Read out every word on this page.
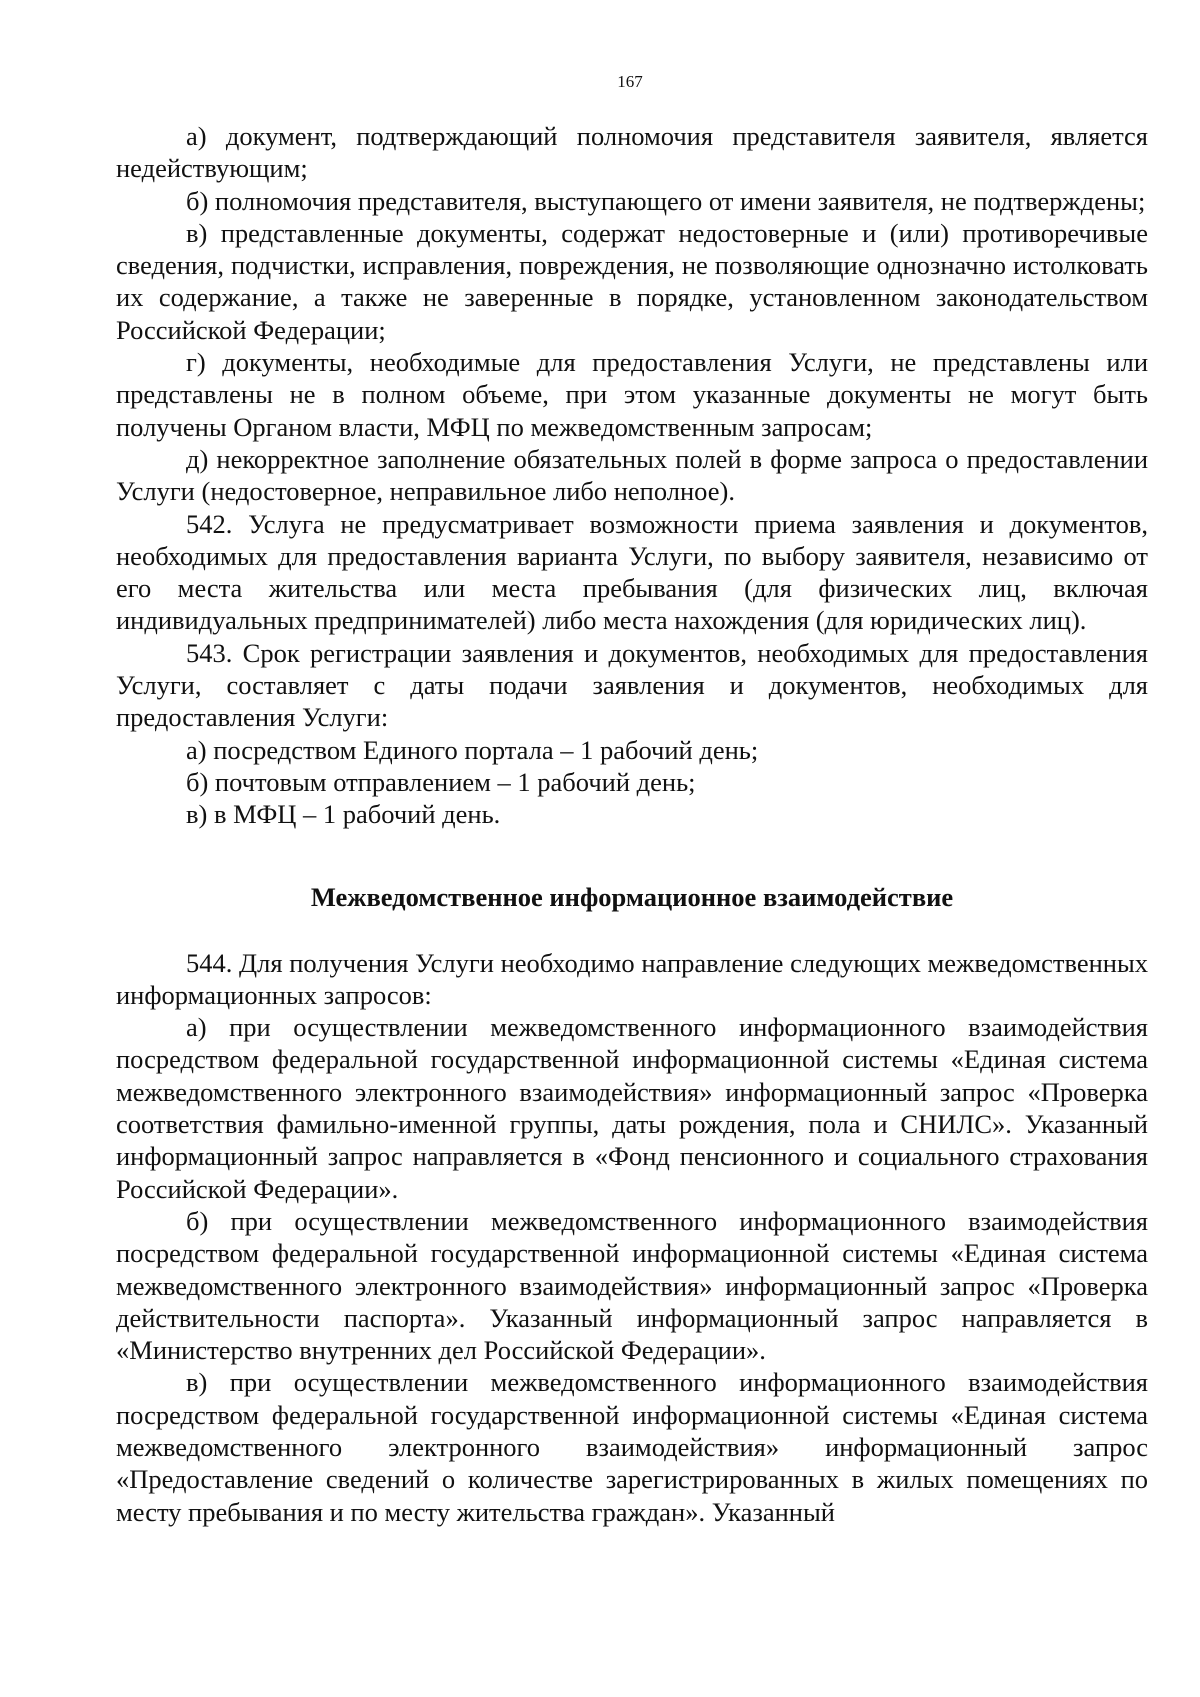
167

а) документ, подтверждающий полномочия представителя заявителя, является недействующим;

б) полномочия представителя, выступающего от имени заявителя, не подтверждены;

в) представленные документы, содержат недостоверные и (или) противоречивые сведения, подчистки, исправления, повреждения, не позволяющие однозначно истолковать их содержание, а также не заверенные в порядке, установленном законодательством Российской Федерации;

г) документы, необходимые для предоставления Услуги, не представлены или представлены не в полном объеме, при этом указанные документы не могут быть получены Органом власти, МФЦ по межведомственным запросам;

д) некорректное заполнение обязательных полей в форме запроса о предоставлении Услуги (недостоверное, неправильное либо неполное).

542. Услуга не предусматривает возможности приема заявления и документов, необходимых для предоставления варианта Услуги, по выбору заявителя, независимо от его места жительства или места пребывания (для физических лиц, включая индивидуальных предпринимателей) либо места нахождения (для юридических лиц).

543. Срок регистрации заявления и документов, необходимых для предоставления Услуги, составляет с даты подачи заявления и документов, необходимых для предоставления Услуги:

а) посредством Единого портала – 1 рабочий день;

б) почтовым отправлением – 1 рабочий день;

в) в МФЦ – 1 рабочий день.

Межведомственное информационное взаимодействие

544. Для получения Услуги необходимо направление следующих межведомственных информационных запросов:

а) при осуществлении межведомственного информационного взаимодействия посредством федеральной государственной информационной системы «Единая система межведомственного электронного взаимодействия» информационный запрос «Проверка соответствия фамильно-именной группы, даты рождения, пола и СНИЛС». Указанный информационный запрос направляется в «Фонд пенсионного и социального страхования Российской Федерации».

б) при осуществлении межведомственного информационного взаимодействия посредством федеральной государственной информационной системы «Единая система межведомственного электронного взаимодействия» информационный запрос «Проверка действительности паспорта». Указанный информационный запрос направляется в «Министерство внутренних дел Российской Федерации».

в) при осуществлении межведомственного информационного взаимодействия посредством федеральной государственной информационной системы «Единая система межведомственного электронного взаимодействия» информационный запрос «Предоставление сведений о количестве зарегистрированных в жилых помещениях по месту пребывания и по месту жительства граждан». Указанный
